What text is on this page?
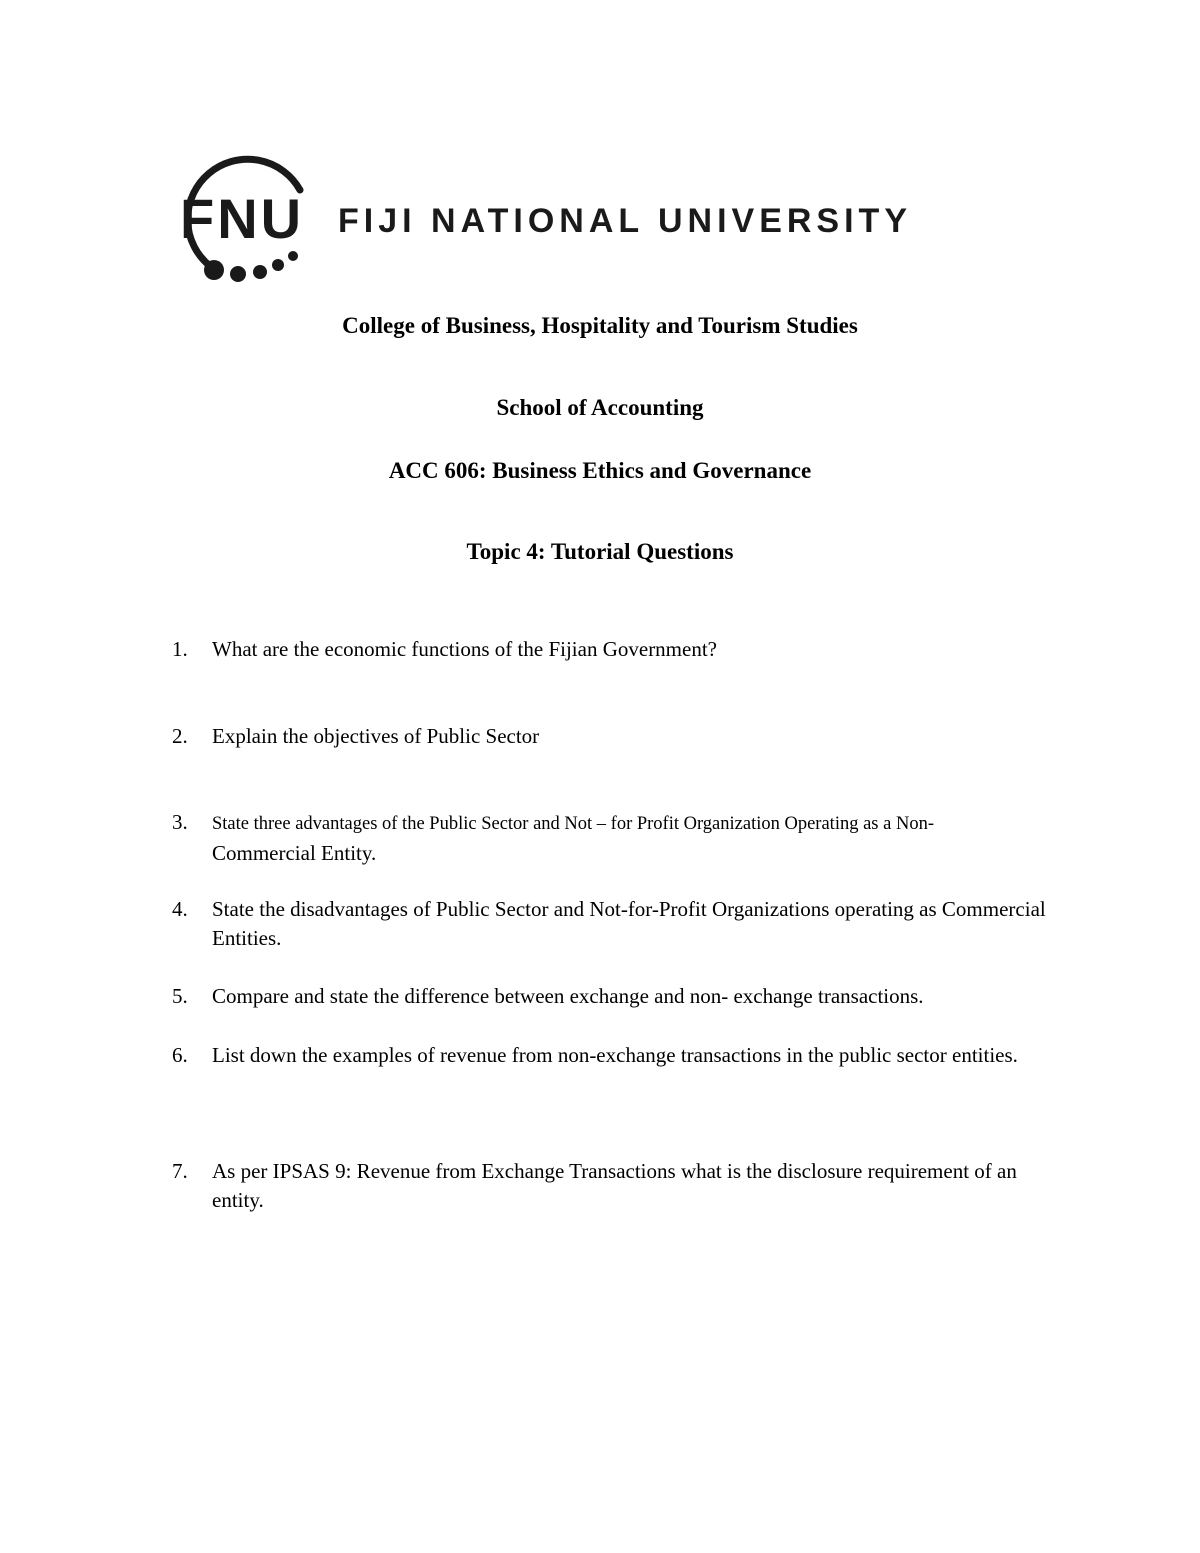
FNU FIJI NATIONAL UNIVERSITY

College of Business, Hospitality and Tourism Studies

School of Accounting

ACC 606: Business Ethics and Governance

Topic 4: Tutorial Questions

1.	What are the economic functions of the Fijian Government?
2.	Explain the objectives of Public Sector
3.	State three advantages of the Public Sector and Not – for Profit Organization Operating as a Non-
Commercial Entity.
4.	State the disadvantages of Public Sector and Not-for-Profit Organizations operating as Commercial Entities.
5.	Compare and state the difference between exchange and non- exchange transactions.
6.	List down the examples of revenue from non-exchange transactions in the public sector entities.
7.	As per IPSAS 9: Revenue from Exchange Transactions what is the disclosure requirement of an entity.
